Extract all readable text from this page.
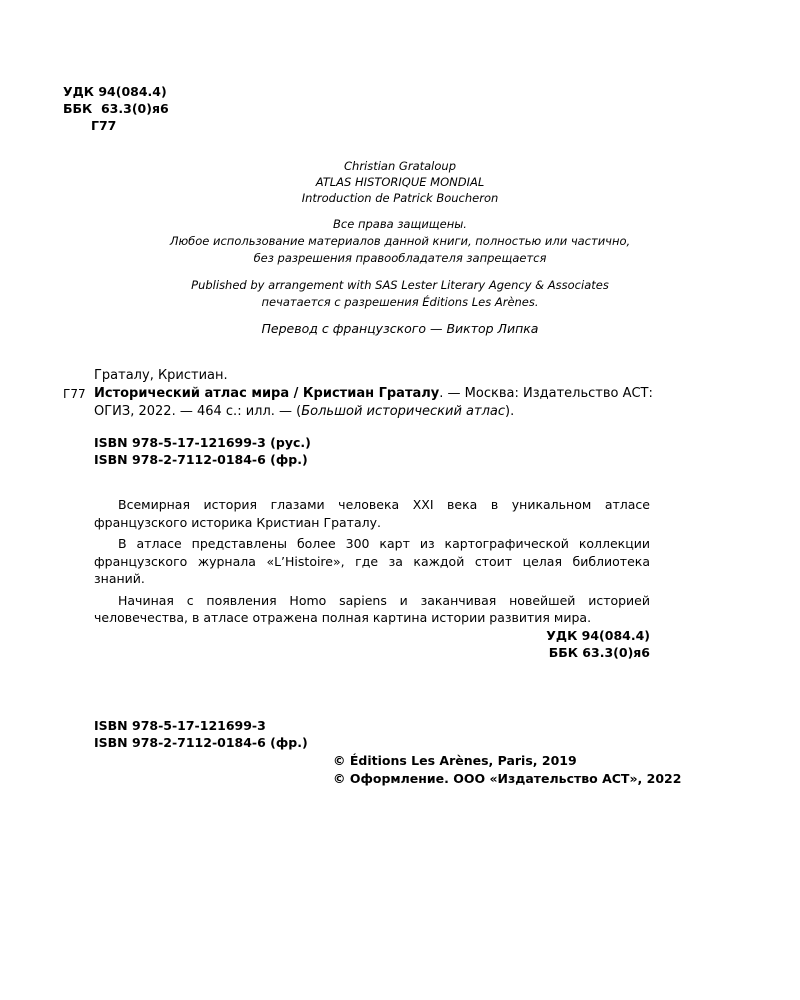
УДК 94(084.4)
ББК  63.3(0)я6
Г77
Christian Grataloup
ATLAS HISTORIQUE MONDIAL
Introduction de Patrick Boucheron
Все права защищены.
Любое использование материалов данной книги, полностью или частично,
без разрешения правообладателя запрещается
Published by arrangement with SAS Lester Literary Agency & Associates
печатается с разрешения Éditions Les Arènes.
Перевод с французского — Виктор Липка
Граталу, Кристиан.
Г77 Исторический атлас мира / Кристиан Граталу. — Москва: Издательство АСТ: ОГИЗ, 2022. — 464 с.: илл. — (Большой исторический атлас).
ISBN 978-5-17-121699-3 (рус.)
ISBN 978-2-7112-0184-6 (фр.)

Всемирная история глазами человека XXI века в уникальном атласе французского историка Кристиан Граталу.

В атласе представлены более 300 карт из картографической коллекции французского журнала «L’Histoire», где за каждой стоит целая библиотека знаний.

Начиная с появления Homo sapiens и заканчивая новейшей историей человечества, в атласе отражена полная картина истории развития мира.

УДК 94(084.4)
ББК 63.3(0)я6
ISBN 978-5-17-121699-3
ISBN 978-2-7112-0184-6 (фр.)
© Éditions Les Arènes, Paris, 2019
© Оформление. ООО «Издательство АСТ», 2022
